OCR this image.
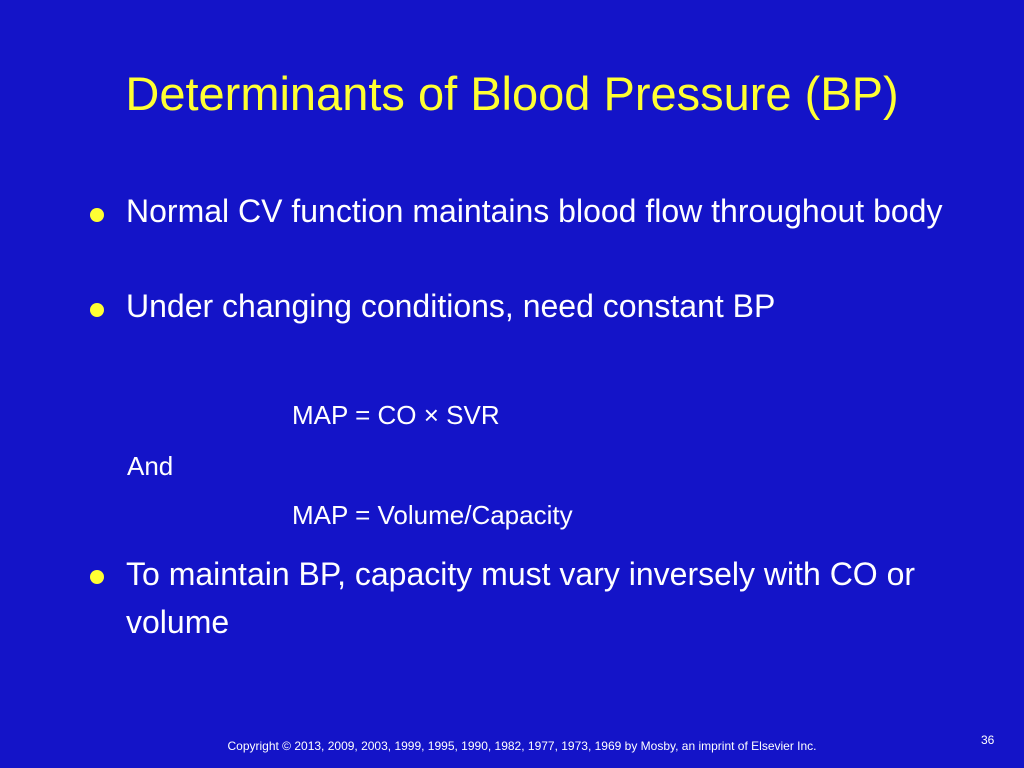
Determinants of Blood Pressure (BP)
Normal CV function maintains blood flow throughout body
Under changing conditions, need constant BP
MAP = CO × SVR
And
MAP = Volume/Capacity
To maintain BP, capacity must vary inversely with CO or volume
Copyright © 2013, 2009, 2003, 1999, 1995, 1990, 1982, 1977, 1973, 1969 by Mosby, an imprint of Elsevier Inc.	36
